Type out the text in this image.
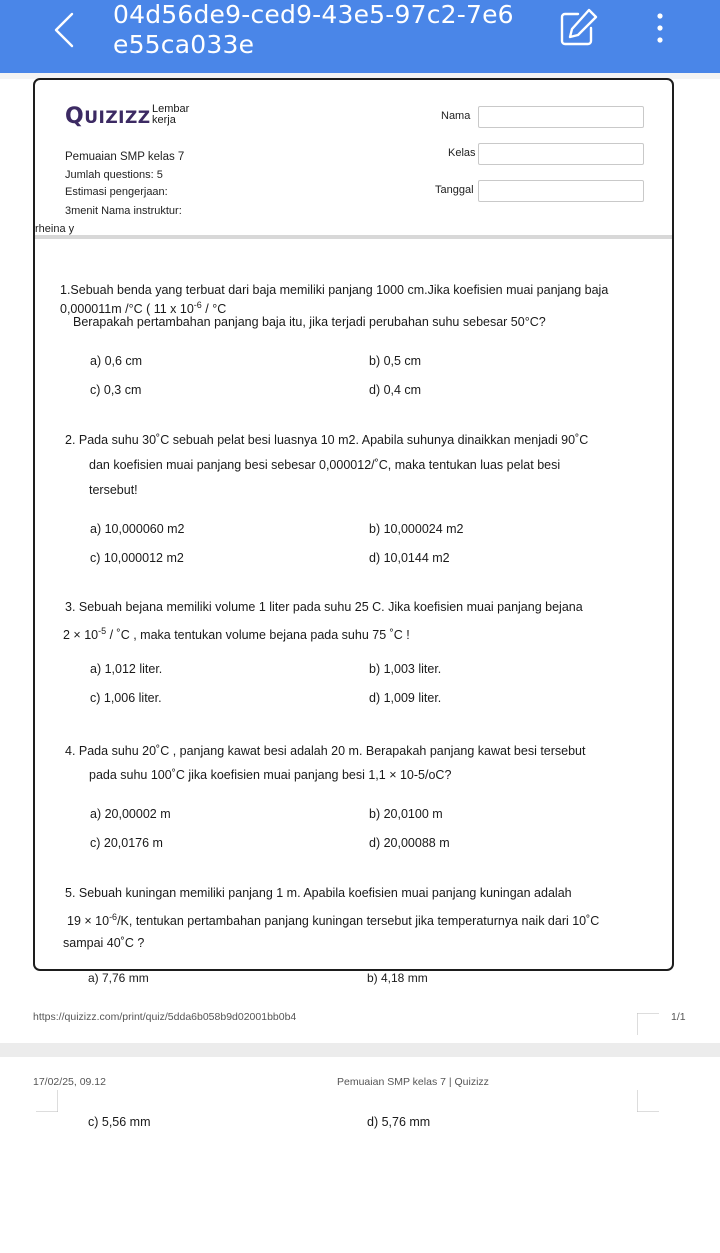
04d56de9-ced9-43e5-97c2-7e6
e55ca033e
QUIZIZZ Lembar kerja	Nama
Kelas
Tanggal
Pemuaian SMP kelas 7
Jumlah questions: 5
Estimasi pengerjaan:
3menit Nama instruktur:
rheina y
1.Sebuah benda yang terbuat dari baja memiliki panjang 1000 cm.Jika koefisien muai panjang baja
0,000011m /°C ( 11 x $10^{-6} / ^\circ C$
Berapakah pertambahan panjang baja itu, jika terjadi perubahan suhu sebesar 50°C?
a) 0,6 cm	b) 0,5 cm
c) 0,3 cm	d) 0,4 cm
2. Pada suhu 30˚C sebuah pelat besi luasnya 10 m2. Apabila suhunya dinaikkan menjadi 90˚C
dan koefisien muai panjang besi sebesar 0,000012/˚C, maka tentukan luas pelat besi
tersebut!
a) 10,000060 m2	b) 10,000024 m2
c) 10,000012 m2	d) 10,0144 m2
3. Sebuah bejana memiliki volume 1 liter pada suhu 25 C. Jika koefisien muai panjang bejana
$2 \times 10^{-5}$ / ˚C , maka tentukan volume bejana pada suhu 75 ˚C !
a) 1,012 liter.	b) 1,003 liter.
c) 1,006 liter.	d) 1,009 liter.
4. Pada suhu 20˚C , panjang kawat besi adalah 20 m. Berapakah panjang kawat besi tersebut
pada suhu 100˚C jika koefisien muai panjang besi 1,1 × 10-5/oC?
a) 20,00002 m	b) 20,0100 m
c) 20,0176 m	d) 20,00088 m
5. Sebuah kuningan memiliki panjang 1 m. Apabila koefisien muai panjang kuningan adalah
$19 \times 10^{-6}/K$, tentukan pertambahan panjang kuningan tersebut jika temperaturnya naik dari 10˚C
sampai 40˚C ?
a) 7,76 mm	b) 4,18 mm
https://quizizz.com/print/quiz/5dda6b058b9d02001bb0b4	1/1
17/02/25, 09.12	Pemuaian SMP kelas 7 | Quizizz
c) 5,56 mm	d) 5,76 mm
